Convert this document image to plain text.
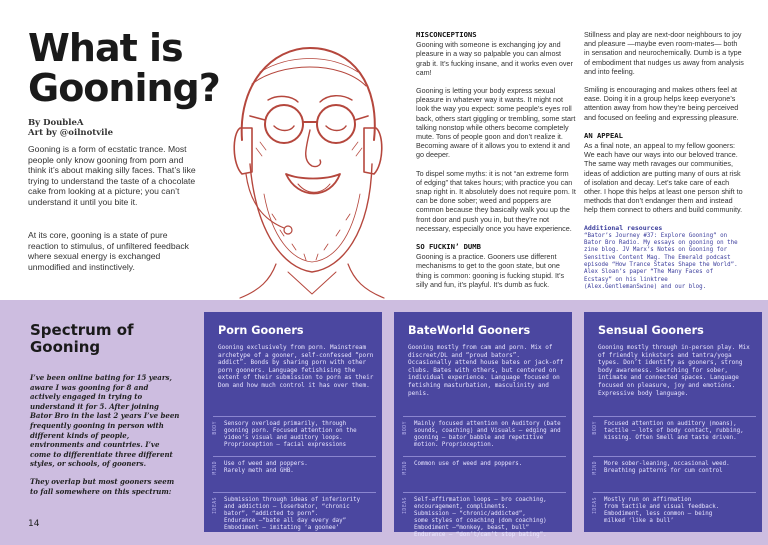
What is Gooning?
By DoubleA
Art by @oilnotvile
Gooning is a form of ecstatic trance. Most people only know gooning from porn and think it’s about making silly faces. That’s like trying to understand the taste of a chocolate cake from looking at a picture; you can’t understand it until you bite it.
At its core, gooning is a state of pure reaction to stimulus, of unfiltered feedback where sexual energy is exchanged unmodified and instinctively.
MISCONCEPTIONS

Gooning with someone is exchanging joy and pleasure in a way so palpable you can almost grab it. It’s fucking insane, and it works even over cam!

Gooning is letting your body express sexual pleasure in whatever way it wants. It might not look the way you expect: some people’s eyes roll back, others start giggling or trembling, some start talking nonstop while others become completely mute. Tons of people goon and don’t realize it. Becoming aware of it allows you to extend it and go deeper.

To dispel some myths: it is not “an extreme form of edging” that takes hours; with practice you can snap right in. It absolutely does not require porn. It can be done sober; weed and poppers are common because they basically walk you up the front door and push you in, but they’re not necessary, especially once you have experience.

SO FUCKIN’ DUMB

Gooning is a practice. Gooners use different mechanisms to get to the goon state, but one thing is common: gooning is fucking stupid. It’s silly and fun, it’s playful. It’s dumb as fuck.

Stillness and play are next-door neighbours to joy and pleasure —maybe even room-mates— both in sensation and neurochemically. Dumb is a type of embodiment that nudges us away from analysis and into feeling.

Smiling is encouraging and makes others feel at ease. Doing it in a group helps keep everyone’s attention away from how they’re being perceived and focused on feeling and expressing pleasure.

AN APPEAL

As a final note, an appeal to my fellow gooners: We each have our ways into our beloved trance. The same way meth ravages our communities, ideas of addiction are putting many of ours at risk of isolation and decay. Let’s take care of each other. I hope this helps at least one person shift to methods that don’t endanger them and instead help them connect to others and build community.

Additional resources
“Bator’s Journey #37: Explore Gooning” on Bator Bro Radio. My essays on gooning on the zine blog. JV Marx’s Notes on Gooning for Sensitive Content Mag. The Emerald podcast episode “How Trance States Shape the World”. Alex Sloan’s paper “The Many Faces of Ecstasy” on his linktree (Alex.GentlemanSwine) and our blog.
Spectrum of Gooning

I’ve been online bating for 15 years, aware I was gooning for 8 and actively engaged in trying to understand it for 5. After joining Bator Bro in the last 2 years I’ve been frequently gooning in person with different kinds of people, environments and countries. I’ve come to differentiate three different styles, or schools, of gooners.

They overlap but most gooners seem to fall somewhere on this spectrum:

14
Porn Gooners
Gooning exclusively from porn. Mainstream archetype of a gooner, self-confessed “porn addict”. Bonds by sharing porn with other porn gooners. Language fetishising the extent of their submission to porn as their Dom and how much control it has over them.
BODY	Sensory overload primarily, through gooning porn. Focused attention on the video’s visual and auditory loops. Proprioception – facial expressions
MIND	Use of weed and poppers.
Rarely meth and GHB.
IDEAS	Submission through ideas of inferiority and addiction – loserbator, “chronic bator”, “addicted to porn”.
Endurance –“bate all day every day”
Embodiment – imitating ‘a goonee’
BateWorld Gooners
Gooning mostly from cam and porn. Mix of discreet/DL and “proud bators”. Occasionally attend house bates or jack-off clubs. Bates with others, but centered on individual experience. Language focused on fetishing masturbation, masculinity and penis.
BODY	Mainly focused attention on Auditory (bate sounds, coaching) and Visuals – edging and gooning – bator babble and repetitive motion. Proprioception.
MIND	Common use of weed and poppers.
IDEAS	Self-affirmation loops – bro coaching, encouragement, compliments.
Submission – “chronic/addicted”,
some styles of coaching (dom coaching)
Embodiment –“monkey, beast, bull”
Endurance – “don’t/can’t stop bating”.
Sensual Gooners
Gooning mostly through in-person play. Mix of friendly kinksters and tantra/yoga types. Don’t identify as gooners, strong body awareness. Searching for sober, intimate and connected spaces. Language focused on pleasure, joy and emotions. Expressive body language.
BODY	Focused attention on auditory (moans), tactile – lots of body contact, rubbing, kissing. Often Smell and taste driven.
MIND	More sober-leaning, occasional weed. Breathing patterns for cum control
IDEAS	Mostly run on affirmation
from tactile and visual feedback.
Embodiment, less common – being
milked ‘like a bull’
